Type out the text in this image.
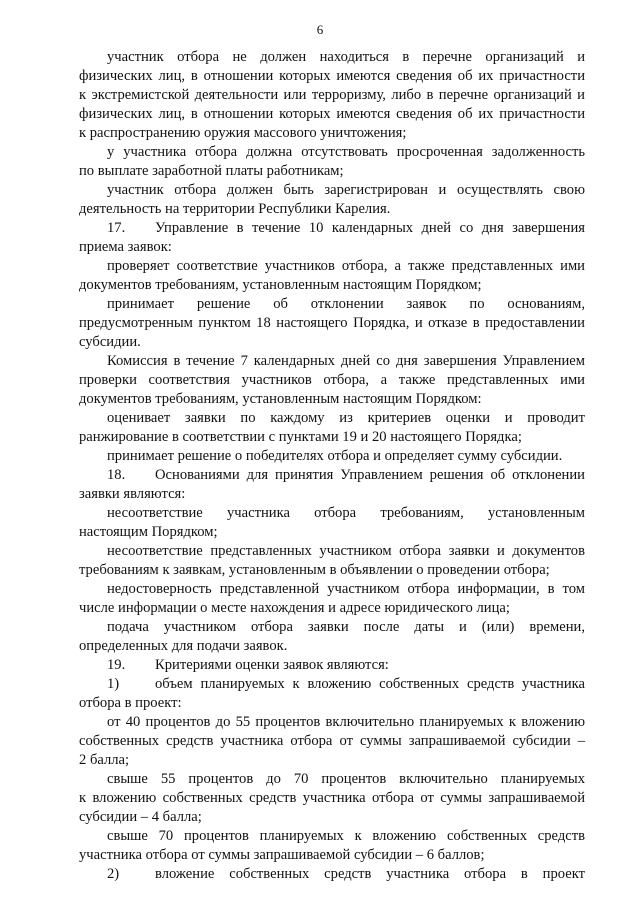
6
участник отбора не должен находиться в перечне организаций и
физических лиц, в отношении которых имеются сведения об их причастности
к экстремистской деятельности или терроризму, либо в перечне организаций и
физических лиц, в отношении которых имеются сведения об их причастности
к распространению оружия массового уничтожения;
у участника отбора должна отсутствовать просроченная задолженность
по выплате заработной платы работникам;
участник отбора должен быть зарегистрирован и осуществлять свою
деятельность на территории Республики Карелия.
17. Управление в течение 10 календарных дней со дня завершения
приема заявок:
проверяет соответствие участников отбора, а также представленных ими
документов требованиям, установленным настоящим Порядком;
принимает решение об отклонении заявок по основаниям,
предусмотренным пунктом 18 настоящего Порядка, и отказе в предоставлении
субсидии.
Комиссия в течение 7 календарных дней со дня завершения Управлением
проверки соответствия участников отбора, а также представленных ими
документов требованиям, установленным настоящим Порядком:
оценивает заявки по каждому из критериев оценки и проводит
ранжирование в соответствии с пунктами 19 и 20 настоящего Порядка;
принимает решение о победителях отбора и определяет сумму субсидии.
18. Основаниями для принятия Управлением решения об отклонении
заявки являются:
несоответствие участника отбора требованиям, установленным
настоящим Порядком;
несоответствие представленных участником отбора заявки и документов
требованиям к заявкам, установленным в объявлении о проведении отбора;
недостоверность представленной участником отбора информации, в том
числе информации о месте нахождения и адресе юридического лица;
подача участником отбора заявки после даты и (или) времени,
определенных для подачи заявок.
19. Критериями оценки заявок являются:
1) объем планируемых к вложению собственных средств участника
отбора в проект:
от 40 процентов до 55 процентов включительно планируемых к вложению
собственных средств участника отбора от суммы запрашиваемой субсидии –
2 балла;
свыше 55 процентов до 70 процентов включительно планируемых
к вложению собственных средств участника отбора от суммы запрашиваемой
субсидии – 4 балла;
свыше 70 процентов планируемых к вложению собственных средств
участника отбора от суммы запрашиваемой субсидии – 6 баллов;
2) вложение собственных средств участника отбора в проект
